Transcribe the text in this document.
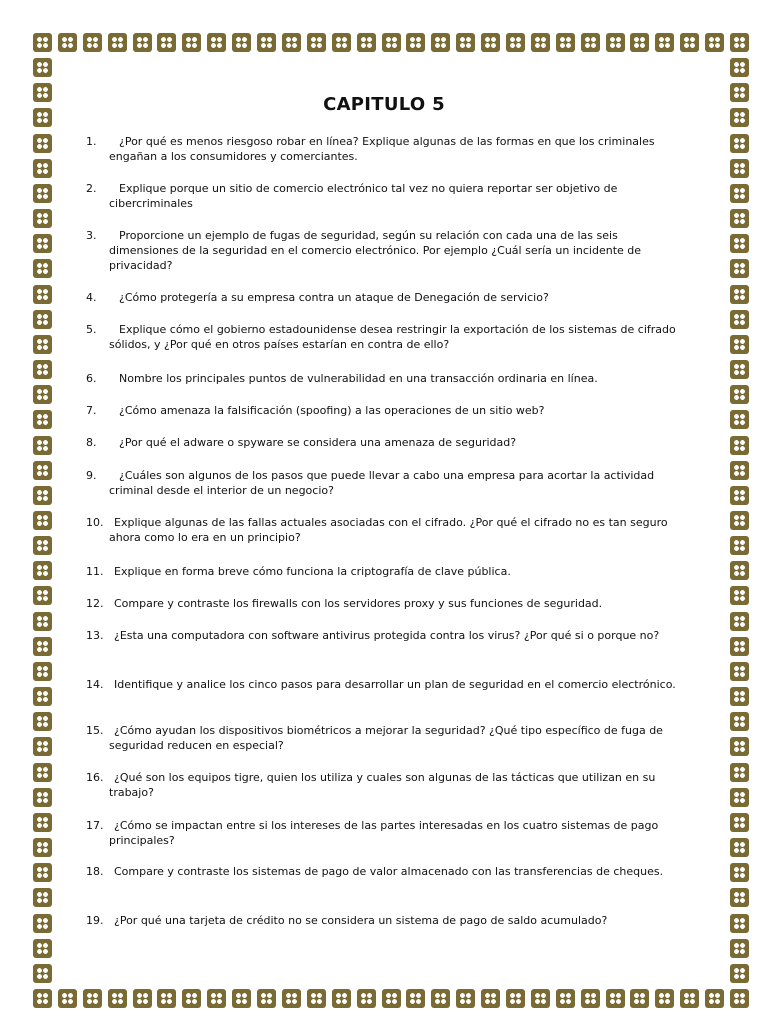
CAPITULO 5
1.	¿Por qué es menos riesgoso robar en línea? Explique algunas de las formas en que los criminales engañan a los consumidores y comerciantes.
2.	Explique porque un sitio de comercio electrónico tal vez no quiera reportar ser objetivo de cibercriminales
3.	Proporcione un ejemplo de fugas de seguridad, según su relación con cada una de las seis dimensiones de la seguridad en el comercio electrónico. Por ejemplo ¿Cuál sería un incidente de privacidad?
4.	¿Cómo protegería a su empresa contra un ataque de Denegación de servicio?
5.	Explique cómo el gobierno estadounidense desea restringir la exportación de los sistemas de cifrado sólidos, y ¿Por qué en otros países estarían en contra de ello?
6.	Nombre los principales puntos de vulnerabilidad en una transacción ordinaria en línea.
7.	¿Cómo amenaza la falsificación (spoofing) a las operaciones de un sitio web?
8.	¿Por qué el adware o spyware se considera una amenaza de seguridad?
9.	¿Cuáles son algunos de los pasos que puede llevar a cabo una empresa para acortar la actividad criminal desde el interior de un negocio?
10. Explique algunas de las fallas actuales asociadas con el cifrado. ¿Por qué el cifrado no es tan seguro ahora como lo era en un principio?
11. Explique en forma breve cómo funciona la criptografía de clave pública.
12. Compare y contraste los firewalls con los servidores proxy y sus funciones de seguridad.
13. ¿Esta una computadora con software antivirus protegida contra los virus? ¿Por qué si o porque no?
14. Identifique y analice los cinco pasos para desarrollar un plan de seguridad en el comercio electrónico.
15. ¿Cómo ayudan los dispositivos biométricos a mejorar la seguridad? ¿Qué tipo específico de fuga de seguridad reducen en especial?
16. ¿Qué son los equipos tigre, quien los utiliza y cuales son algunas de las tácticas que utilizan en su trabajo?
17. ¿Cómo se impactan entre si los intereses de las partes interesadas en los cuatro sistemas de pago principales?
18. Compare y contraste los sistemas de pago de valor almacenado con las transferencias de cheques.
19. ¿Por qué una tarjeta de crédito no se considera un sistema de pago de saldo acumulado?
